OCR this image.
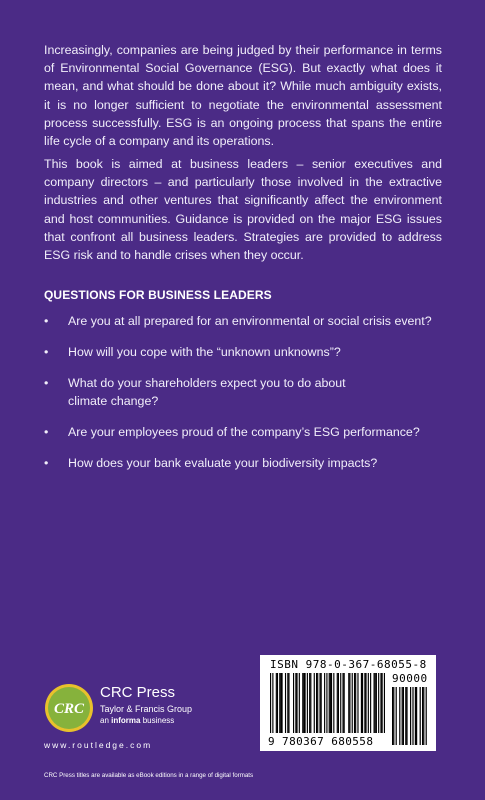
Increasingly, companies are being judged by their performance in terms of Environmental Social Governance (ESG). But exactly what does it mean, and what should be done about it? While much ambiguity exists, it is no longer sufficient to negotiate the environmental assessment process successfully. ESG is an ongoing process that spans the entire life cycle of a company and its operations.

This book is aimed at business leaders – senior executives and company directors – and particularly those involved in the extractive industries and other ventures that significantly affect the environment and host communities. Guidance is provided on the major ESG issues that confront all business leaders. Strategies are provided to address ESG risk and to handle crises when they occur.

QUESTIONS FOR BUSINESS LEADERS
• Are you at all prepared for an environmental or social crisis event?
• How will you cope with the “unknown unknowns”?
• What do your shareholders expect you to do about climate change?
• Are your employees proud of the company’s ESG performance?
• How does your bank evaluate your biodiversity impacts?
CRC
CRC Press
Taylor & Francis Group
an informa business
www.routledge.com
ISBN 978-0-367-68055-8
90000
9 780367 680558
CRC Press titles are available as eBook editions in a range of digital formats
